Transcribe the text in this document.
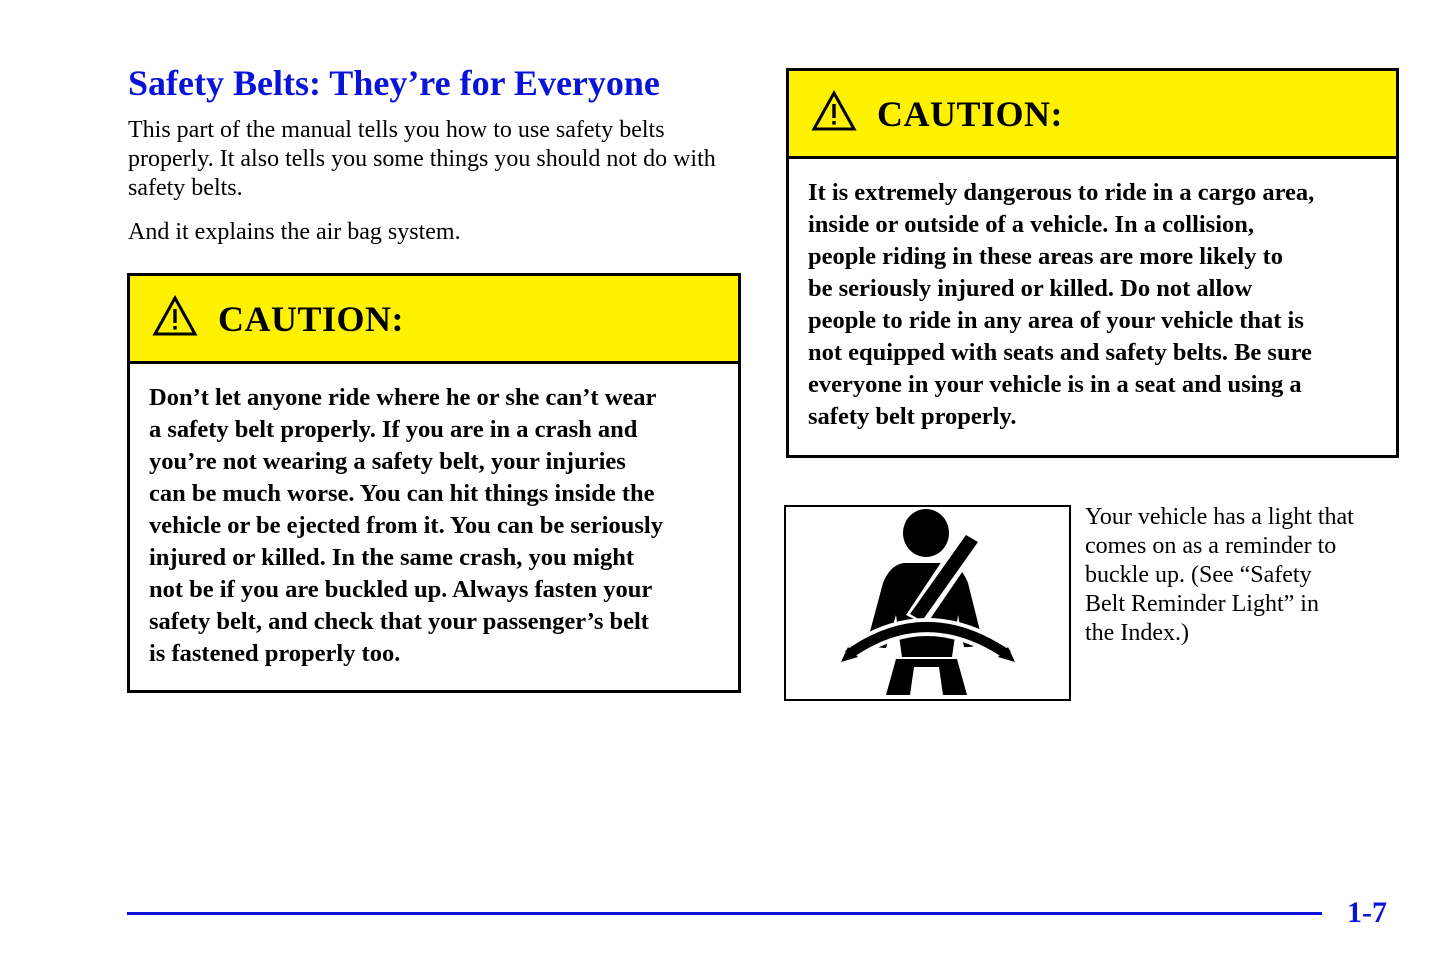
Safety Belts: They’re for Everyone

This part of the manual tells you how to use safety belts properly. It also tells you some things you should not do with safety belts.

And it explains the air bag system.

CAUTION:

Don’t let anyone ride where he or she can’t wear
a safety belt properly. If you are in a crash and
you’re not wearing a safety belt, your injuries
can be much worse. You can hit things inside the
vehicle or be ejected from it. You can be seriously
injured or killed. In the same crash, you might
not be if you are buckled up. Always fasten your
safety belt, and check that your passenger’s belt
is fastened properly too.

CAUTION:

It is extremely dangerous to ride in a cargo area,
inside or outside of a vehicle. In a collision,
people riding in these areas are more likely to
be seriously injured or killed. Do not allow
people to ride in any area of your vehicle that is
not equipped with seats and safety belts. Be sure
everyone in your vehicle is in a seat and using a
safety belt properly.

Your vehicle has a light that
comes on as a reminder to
buckle up. (See “Safety
Belt Reminder Light” in
the Index.)

1-7
